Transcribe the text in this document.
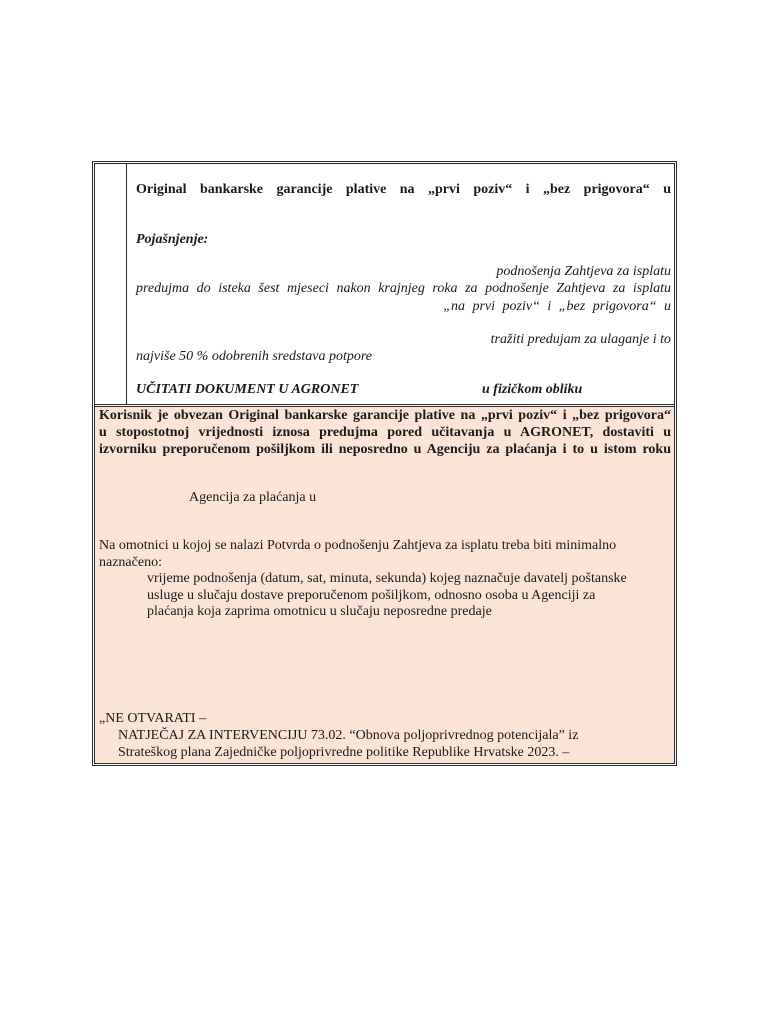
Original bankarske garancije plative na „prvi poziv“ i „bez prigovora“ u
Pojašnjenje:
podnošenja Zahtjeva za isplatu
predujma do isteka šest mjeseci nakon krajnjeg roka za podnošenje Zahtjeva za isplatu
„na prvi poziv“ i „bez prigovora“ u
tražiti predujam za ulaganje i to
najviše 50 % odobrenih sredstava potpore
UČITATI DOKUMENT U AGRONET	u fizičkom obliku
Korisnik je obvezan Original bankarske garancije plative na „prvi poziv“ i „bez prigovora“
u stopostotnoj vrijednosti iznosa predujma pored učitavanja u AGRONET, dostaviti u
izvorniku preporučenom pošiljkom ili neposredno u Agenciju za plaćanja i to u istom roku
Agencija za plaćanja u
Na omotnici u kojoj se nalazi Potvrda o podnošenju Zahtjeva za isplatu treba biti minimalno
naznačeno:
vrijeme podnošenja (datum, sat, minuta, sekunda) kojeg naznačuje davatelj poštanske
usluge u slučaju dostave preporučenom pošiljkom, odnosno osoba u Agenciji za
plaćanja koja zaprima omotnicu u slučaju neposredne predaje
„NE OTVARATI –
NATJEČAJ ZA INTERVENCIJU 73.02. “Obnova poljoprivrednog potencijala” iz
Strateškog plana Zajedničke poljoprivredne politike Republike Hrvatske 2023. –
